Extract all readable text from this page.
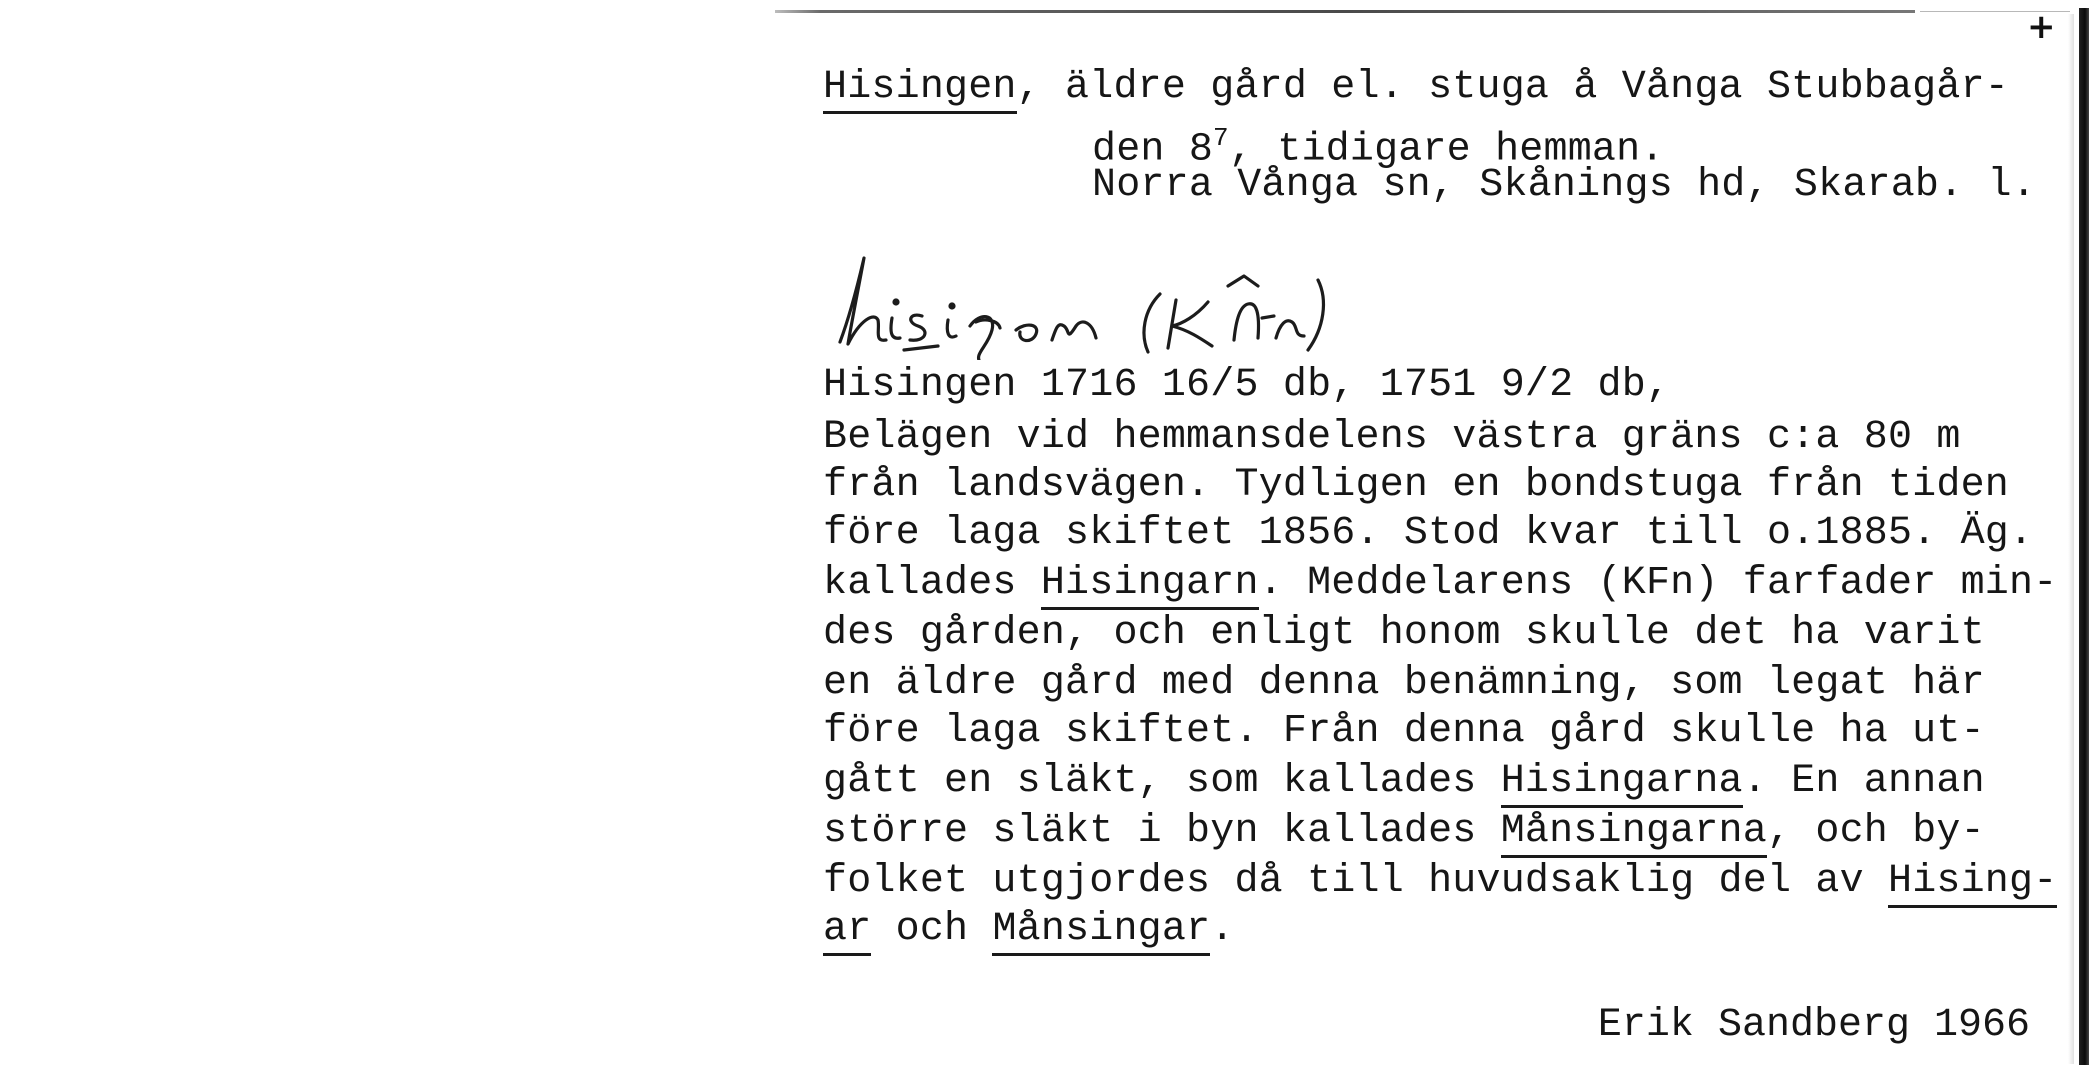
+
Hisingen, äldre gård el. stuga å Vånga Stubbagår-
den $8^7$, tidigare hemman.
Norra Vånga sn, Skånings hd, Skarab. l.
Hisingen 1716 16/5 db, 1751 9/2 db,
Belägen vid hemmansdelens västra gräns c:a 80 m
från landsvägen. Tydligen en bondstuga från tiden
före laga skiftet 1856. Stod kvar till o.1885. Äg.
kallades Hisingarn. Meddelarens (KFn) farfader min-
des gården, och enligt honom skulle det ha varit
en äldre gård med denna benämning, som legat här
före laga skiftet. Från denna gård skulle ha ut-
gått en släkt, som kallades Hisingarna. En annan
större släkt i byn kallades Månsingarna, och by-
folket utgjordes då till huvudsaklig del av Hising-
ar och Månsingar.
Erik Sandberg 1966
